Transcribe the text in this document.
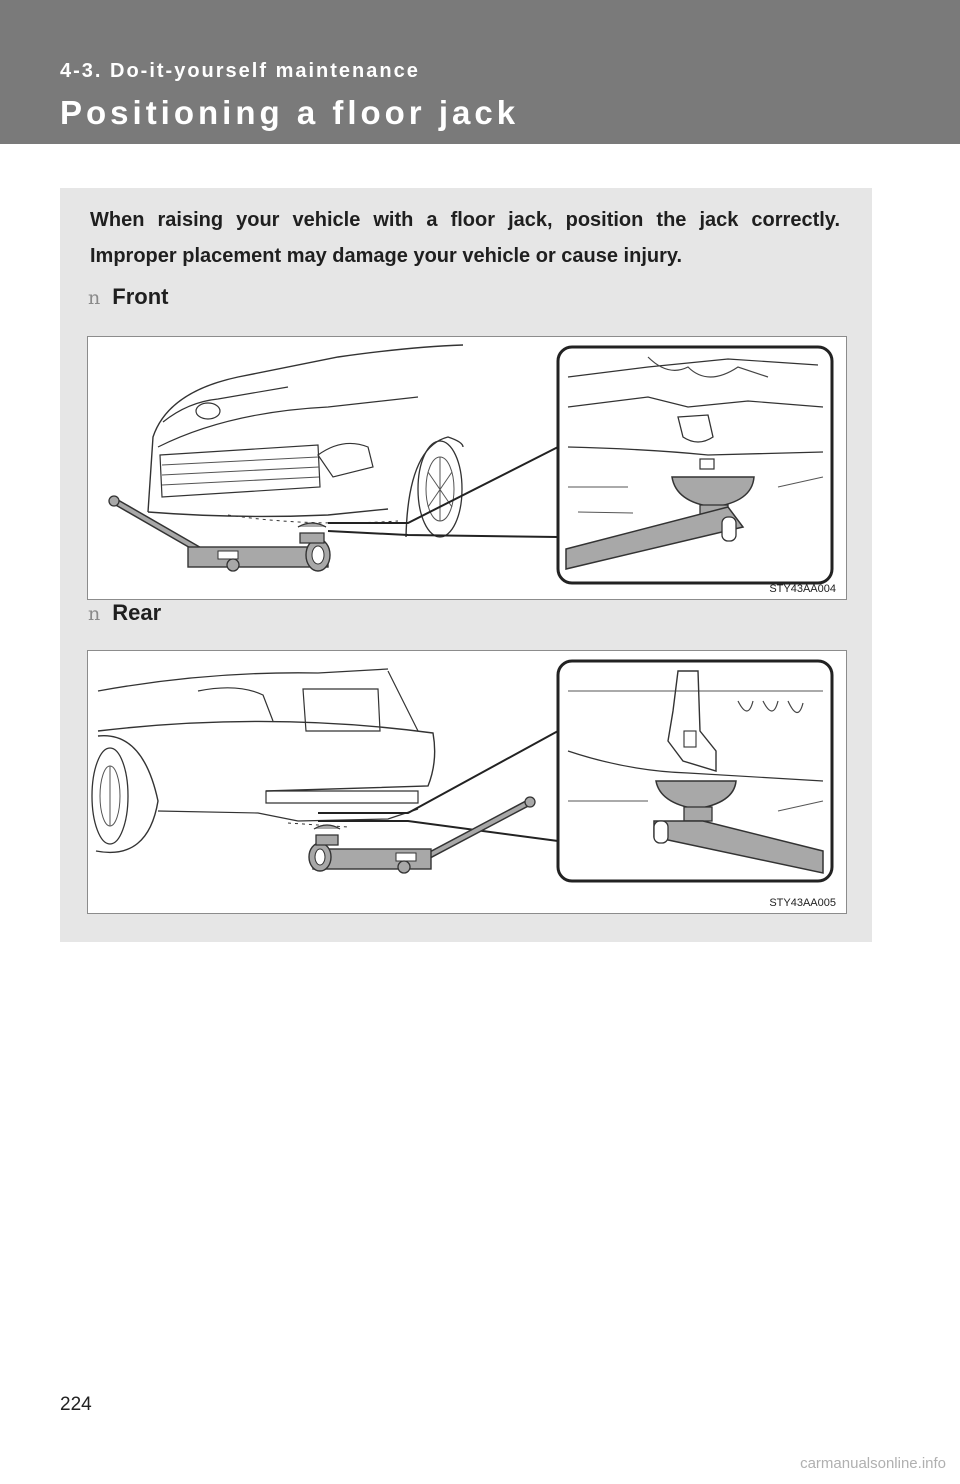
4-3. Do-it-yourself maintenance
Positioning a floor jack
When raising your vehicle with a floor jack, position the jack correctly. Improper placement may damage your vehicle or cause injury.
n Front
STY43AA004
n Rear
STY43AA005
224
carmanualsonline.info
